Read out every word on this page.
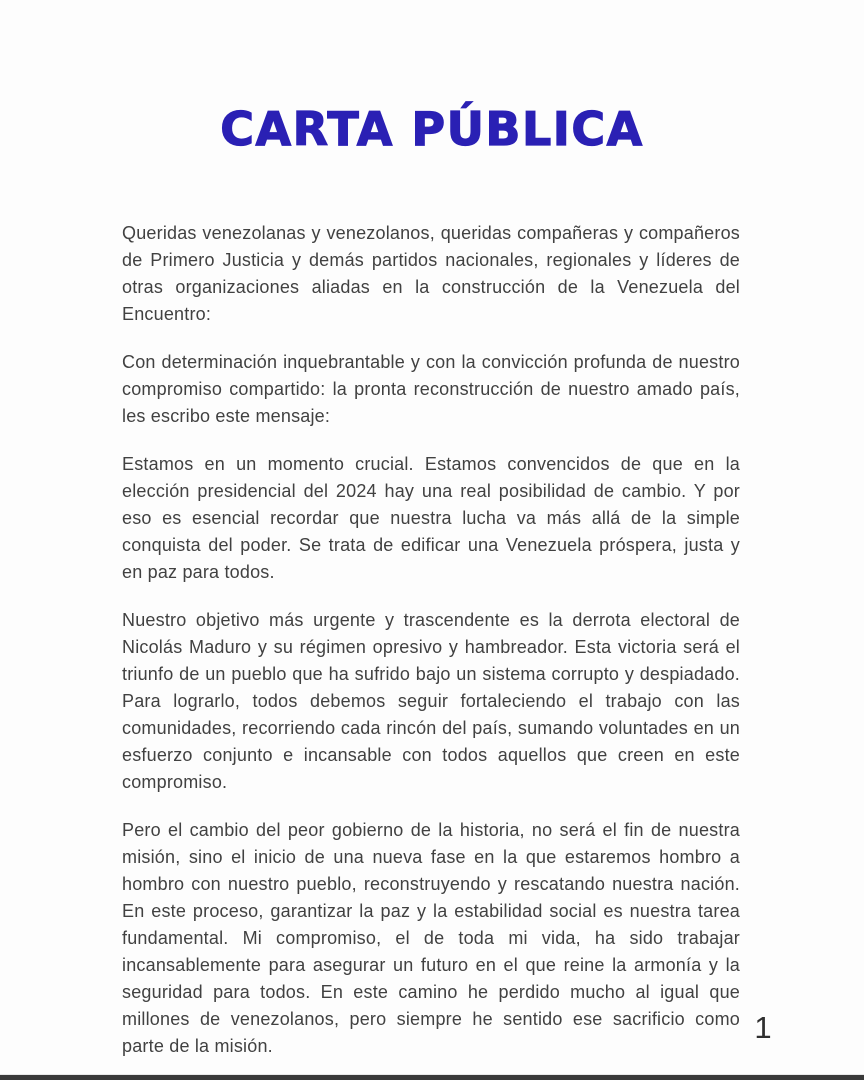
CARTA PÚBLICA

Queridas venezolanas y venezolanos, queridas compañeras y compañeros de Primero Justicia y demás partidos nacionales, regionales y líderes de otras organizaciones aliadas en la construcción de la Venezuela del Encuentro:

Con determinación inquebrantable y con la convicción profunda de nuestro compromiso compartido: la pronta reconstrucción de nuestro amado país, les escribo este mensaje:

Estamos en un momento crucial. Estamos convencidos de que en la elección presidencial del 2024 hay una real posibilidad de cambio. Y por eso es esencial recordar que nuestra lucha va más allá de la simple conquista del poder. Se trata de edificar una Venezuela próspera, justa y en paz para todos.

Nuestro objetivo más urgente y trascendente es la derrota electoral de Nicolás Maduro y su régimen opresivo y hambreador. Esta victoria será el triunfo de un pueblo que ha sufrido bajo un sistema corrupto y despiadado. Para lograrlo, todos debemos seguir fortaleciendo el trabajo con las comunidades, recorriendo cada rincón del país, sumando voluntades en un esfuerzo conjunto e incansable con todos aquellos que creen en este compromiso.

Pero el cambio del peor gobierno de la historia, no será el fin de nuestra misión, sino el inicio de una nueva fase en la que estaremos hombro a hombro con nuestro pueblo, reconstruyendo y rescatando nuestra nación. En este proceso, garantizar la paz y la estabilidad social es nuestra tarea fundamental. Mi compromiso, el de toda mi vida, ha sido trabajar incansablemente para asegurar un futuro en el que reine la armonía y la seguridad para todos. En este camino he perdido mucho al igual que millones de venezolanos, pero siempre he sentido ese sacrificio como parte de la misión.

1
